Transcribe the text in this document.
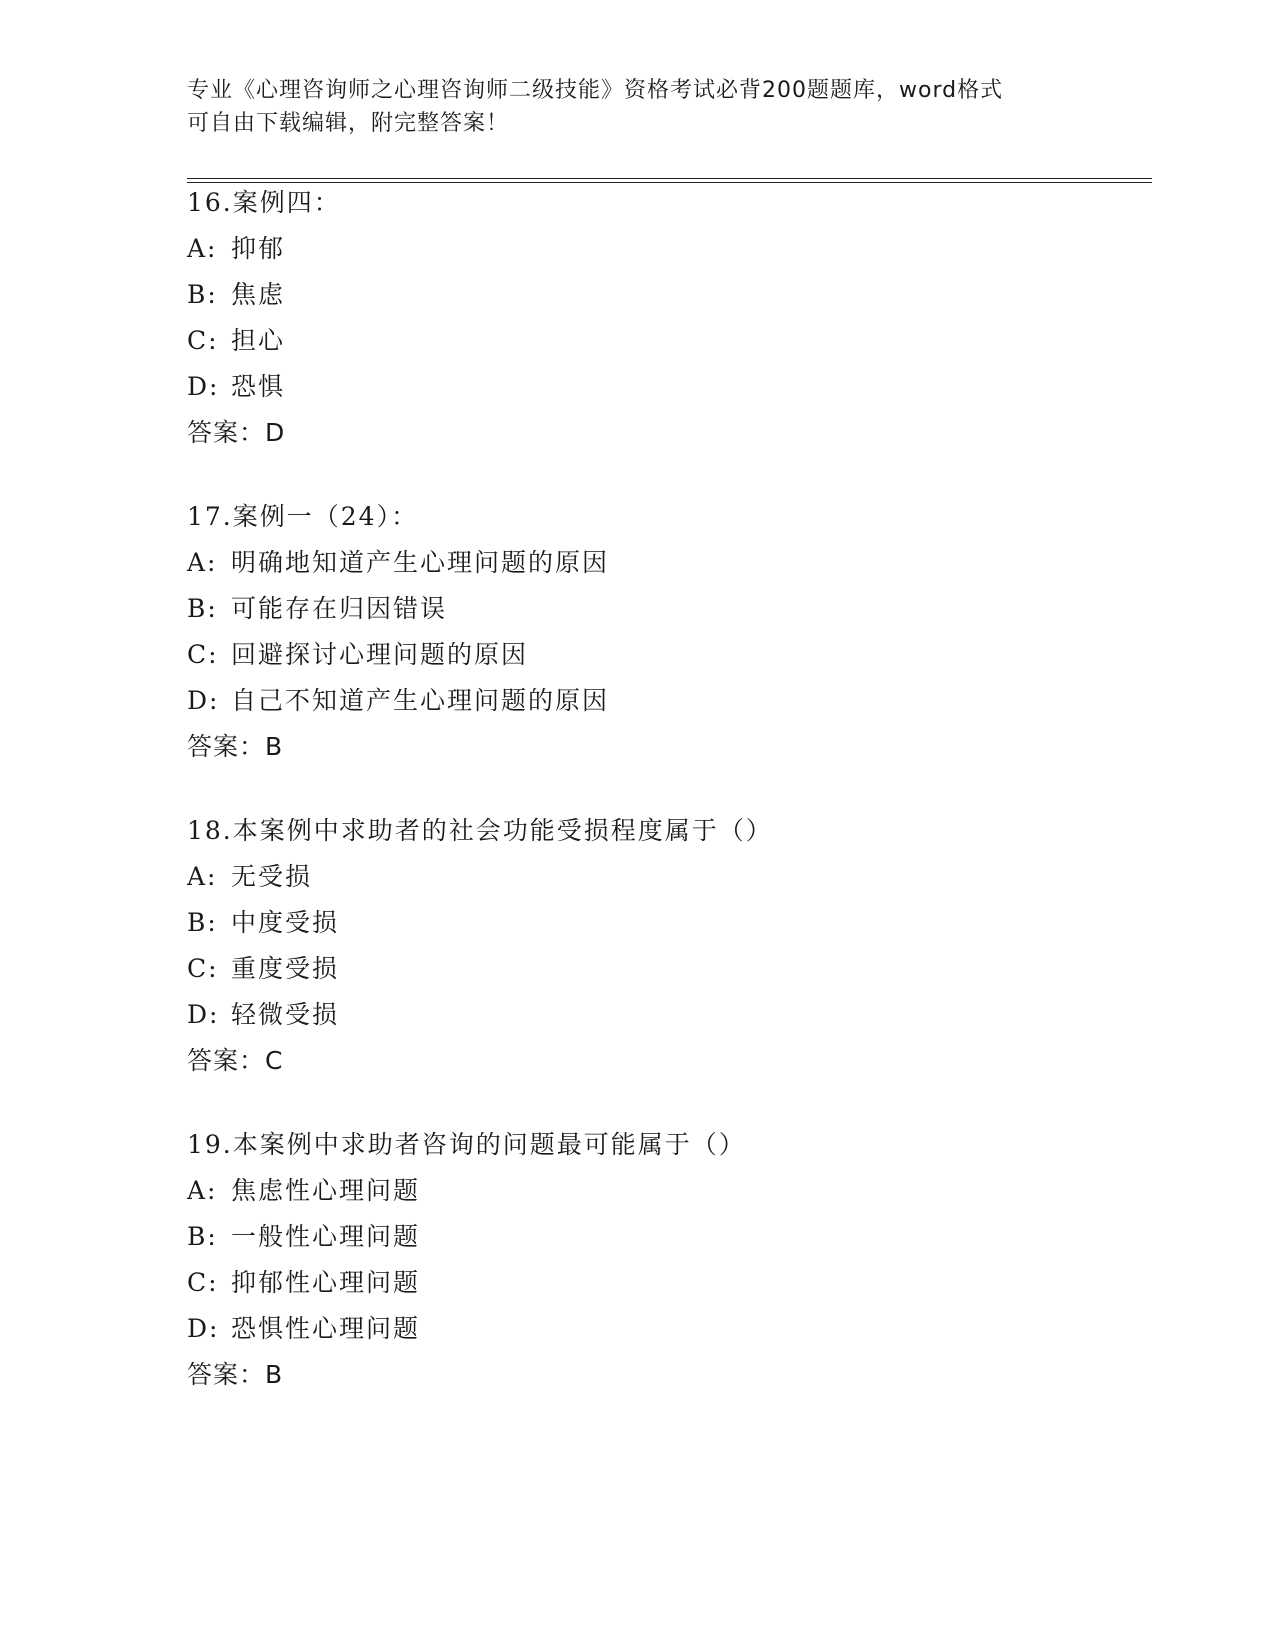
专业《心理咨询师之心理咨询师二级技能》资格考试必背200题题库，word格式
可自由下载编辑，附完整答案！
16.案例四：
A: 抑郁
B: 焦虑
C: 担心
D: 恐惧
答案：D
17.案例一（24）：
A: 明确地知道产生心理问题的原因
B: 可能存在归因错误
C: 回避探讨心理问题的原因
D: 自己不知道产生心理问题的原因
答案：B
18.本案例中求助者的社会功能受损程度属于（）
A: 无受损
B: 中度受损
C: 重度受损
D: 轻微受损
答案：C
19.本案例中求助者咨询的问题最可能属于（）
A: 焦虑性心理问题
B: 一般性心理问题
C: 抑郁性心理问题
D: 恐惧性心理问题
答案：B
